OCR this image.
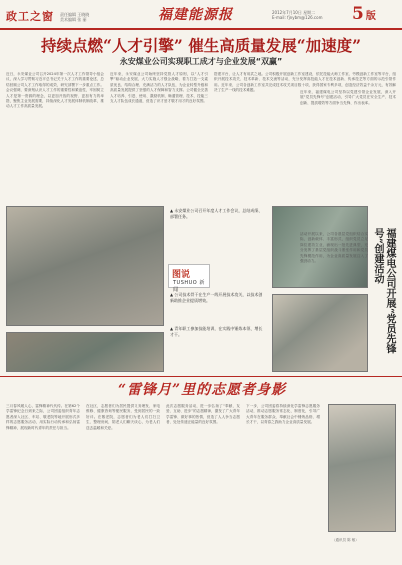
政工之窗 责任编辑 王晓晓
美术编辑 张 丽	福建能源报	2012年7月10日 星期二
E-mail: fjnybm@126.com 5 版
持续点燃“人才引擎” 催生高质量发展“加速度”
永安煤业公司实现职工成才与企业发展“双赢”
近日，永安煤业公司召开2024年第一次人才工作领导小组会议，深入学习贯彻习近平总书记关于人才工作的重要论述，总结回顾公司人才工作取得的成效，研究部署下一步重点工作。会议强调，要深刻认识人才工作的重要性和紧迫性，牢固树立人才是第一资源的理念，以更加开放的视野、更加有力的举措，聚焦主业发展需要，持续深化人才发展体制机制改革，推动人才工作高质量发展。
近年来，永安煤业公司始终坚持党管人才原则，以“人才引擎”驱动企业发展，大力实施人才强企战略，着力打造一支素质优良、结构合理、充满活力的人才队伍，为企业转型升级和高质量发展提供了坚强的人才保障和智力支撑。公司健全完善人才培养、引进、使用、激励机制，畅通管理、技术、技能三支人才队伍成长通道，营造了识才爱才敬才用才的良好氛围。
搭建平台，让人才有用武之地。公司积极开展创新工作室建设，依托技能大师工作室、劳模创新工作室等平台，组织开展技术攻关、技术革新、技术交流等活动，充分发挥高技能人才在技术创新、传承技艺等方面的示范引领作用。近年来，公司各创新工作室共完成技术攻关项目数十项，获得国家专利多项，创造经济效益千余万元，有效解决了生产一线的技术难题。
▲ 永安煤业公司召开年度人才工作会议，总结成绩、部署任务。
图说
TUSHUO 新闻
▲ 公司技术骨干在生产一线开展技术攻关，以技术创新助推企业提质增效。
▲ 青年职工参加技能培训，在实践中锤炼本领、增长才干。	福建煤电公司开展“党员先锋号”创建活动
近年来，福建煤电公司坚持以党建引领企业发展，深入开展“党员先锋号”创建活动，引导广大党员在安全生产、技术创新、提质增效等方面争当先锋、作出表率。
活动开展以来，公司各基层党组织结合实际，创新载体、丰富形式，组织党员立足岗位建功立业，涌现出一批先进典型，充分发挥了基层党组织战斗堡垒作用和党员先锋模范作用，为企业高质量发展注入了强劲动力。
“雷锋月”里的志愿者身影
三月春风暖人心，雷锋精神代代传。在第62个学雷锋纪念日到来之际，公司团委组织青年志愿者深入社区、车站、敬老院等地开展形式多样的志愿服务活动，用实际行动传承和弘扬雷锋精神，展现新时代青年的责任与担当。
在社区，志愿者们为居民提供义务理发、家电维修、健康咨询等便民服务，受到居民的一致好评。在敬老院，志愿者们为老人们打扫卫生、整理房间，陪老人们聊天谈心，为老人们送去温暖和关爱。
此次志愿服务活动，进一步弘扬了“奉献、友爱、互助、进步”的志愿精神，激发了广大青年学雷锋、做好事的热情，营造了人人争当志愿者、处处传递正能量的良好氛围。
下一步，公司团委将持续深化学雷锋志愿服务活动，推动志愿服务常态化、制度化，引导广大青年在服务群众、奉献社会中锤炼品格、增长才干，以青春之我助力企业高质量发展。
（通讯员 陈 敏）
